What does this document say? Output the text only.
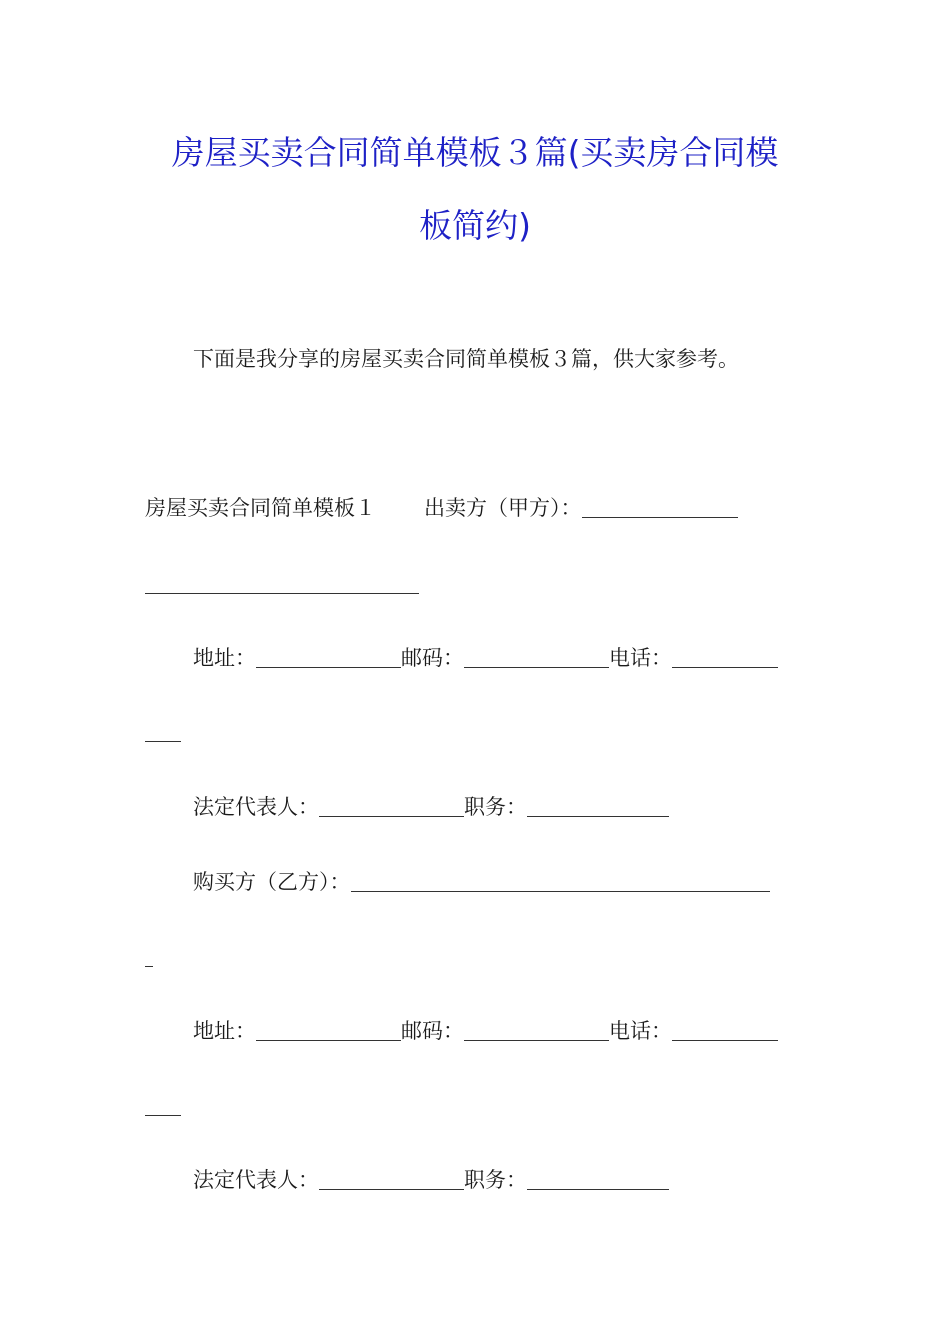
房屋买卖合同简单模板３篇(买卖房合同模
板简约)
下面是我分享的房屋买卖合同简单模板３篇，供大家参考。
房屋买卖合同简单模板１ 出卖方（甲方）：
地址：	邮码：	电话：
法定代表人：	职务：
购买方（乙方）：
地址：	邮码：	电话：
法定代表人：	职务：
